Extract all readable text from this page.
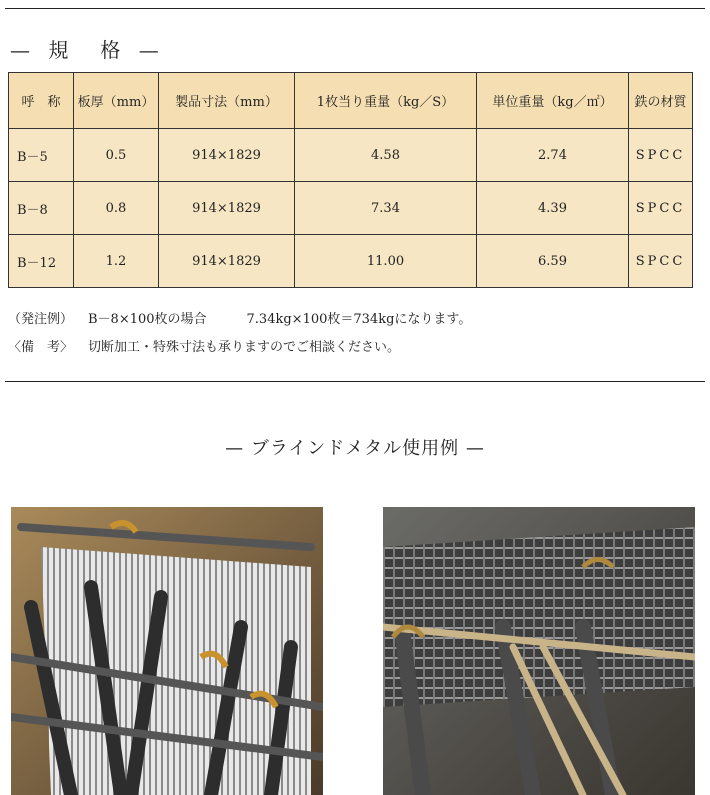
— 規　格 —
呼　称	板厚（mm）	製品寸法（mm）	1枚当り重量（kg／S）	単位重量（kg／㎡）	鉄の材質
B－5	0.5	914×1829	4.58	2.74	SPCC
B－8	0.8	914×1829	7.34	4.39	SPCC
B－12	1.2	914×1829	11.00	6.59	SPCC
（発注例） B－8×100枚の場合	7.34kg×100枚＝734kgになります。
〈備　考〉 切断加工・特殊寸法も承りますのでご相談ください。
— ブラインドメタル使用例 —
